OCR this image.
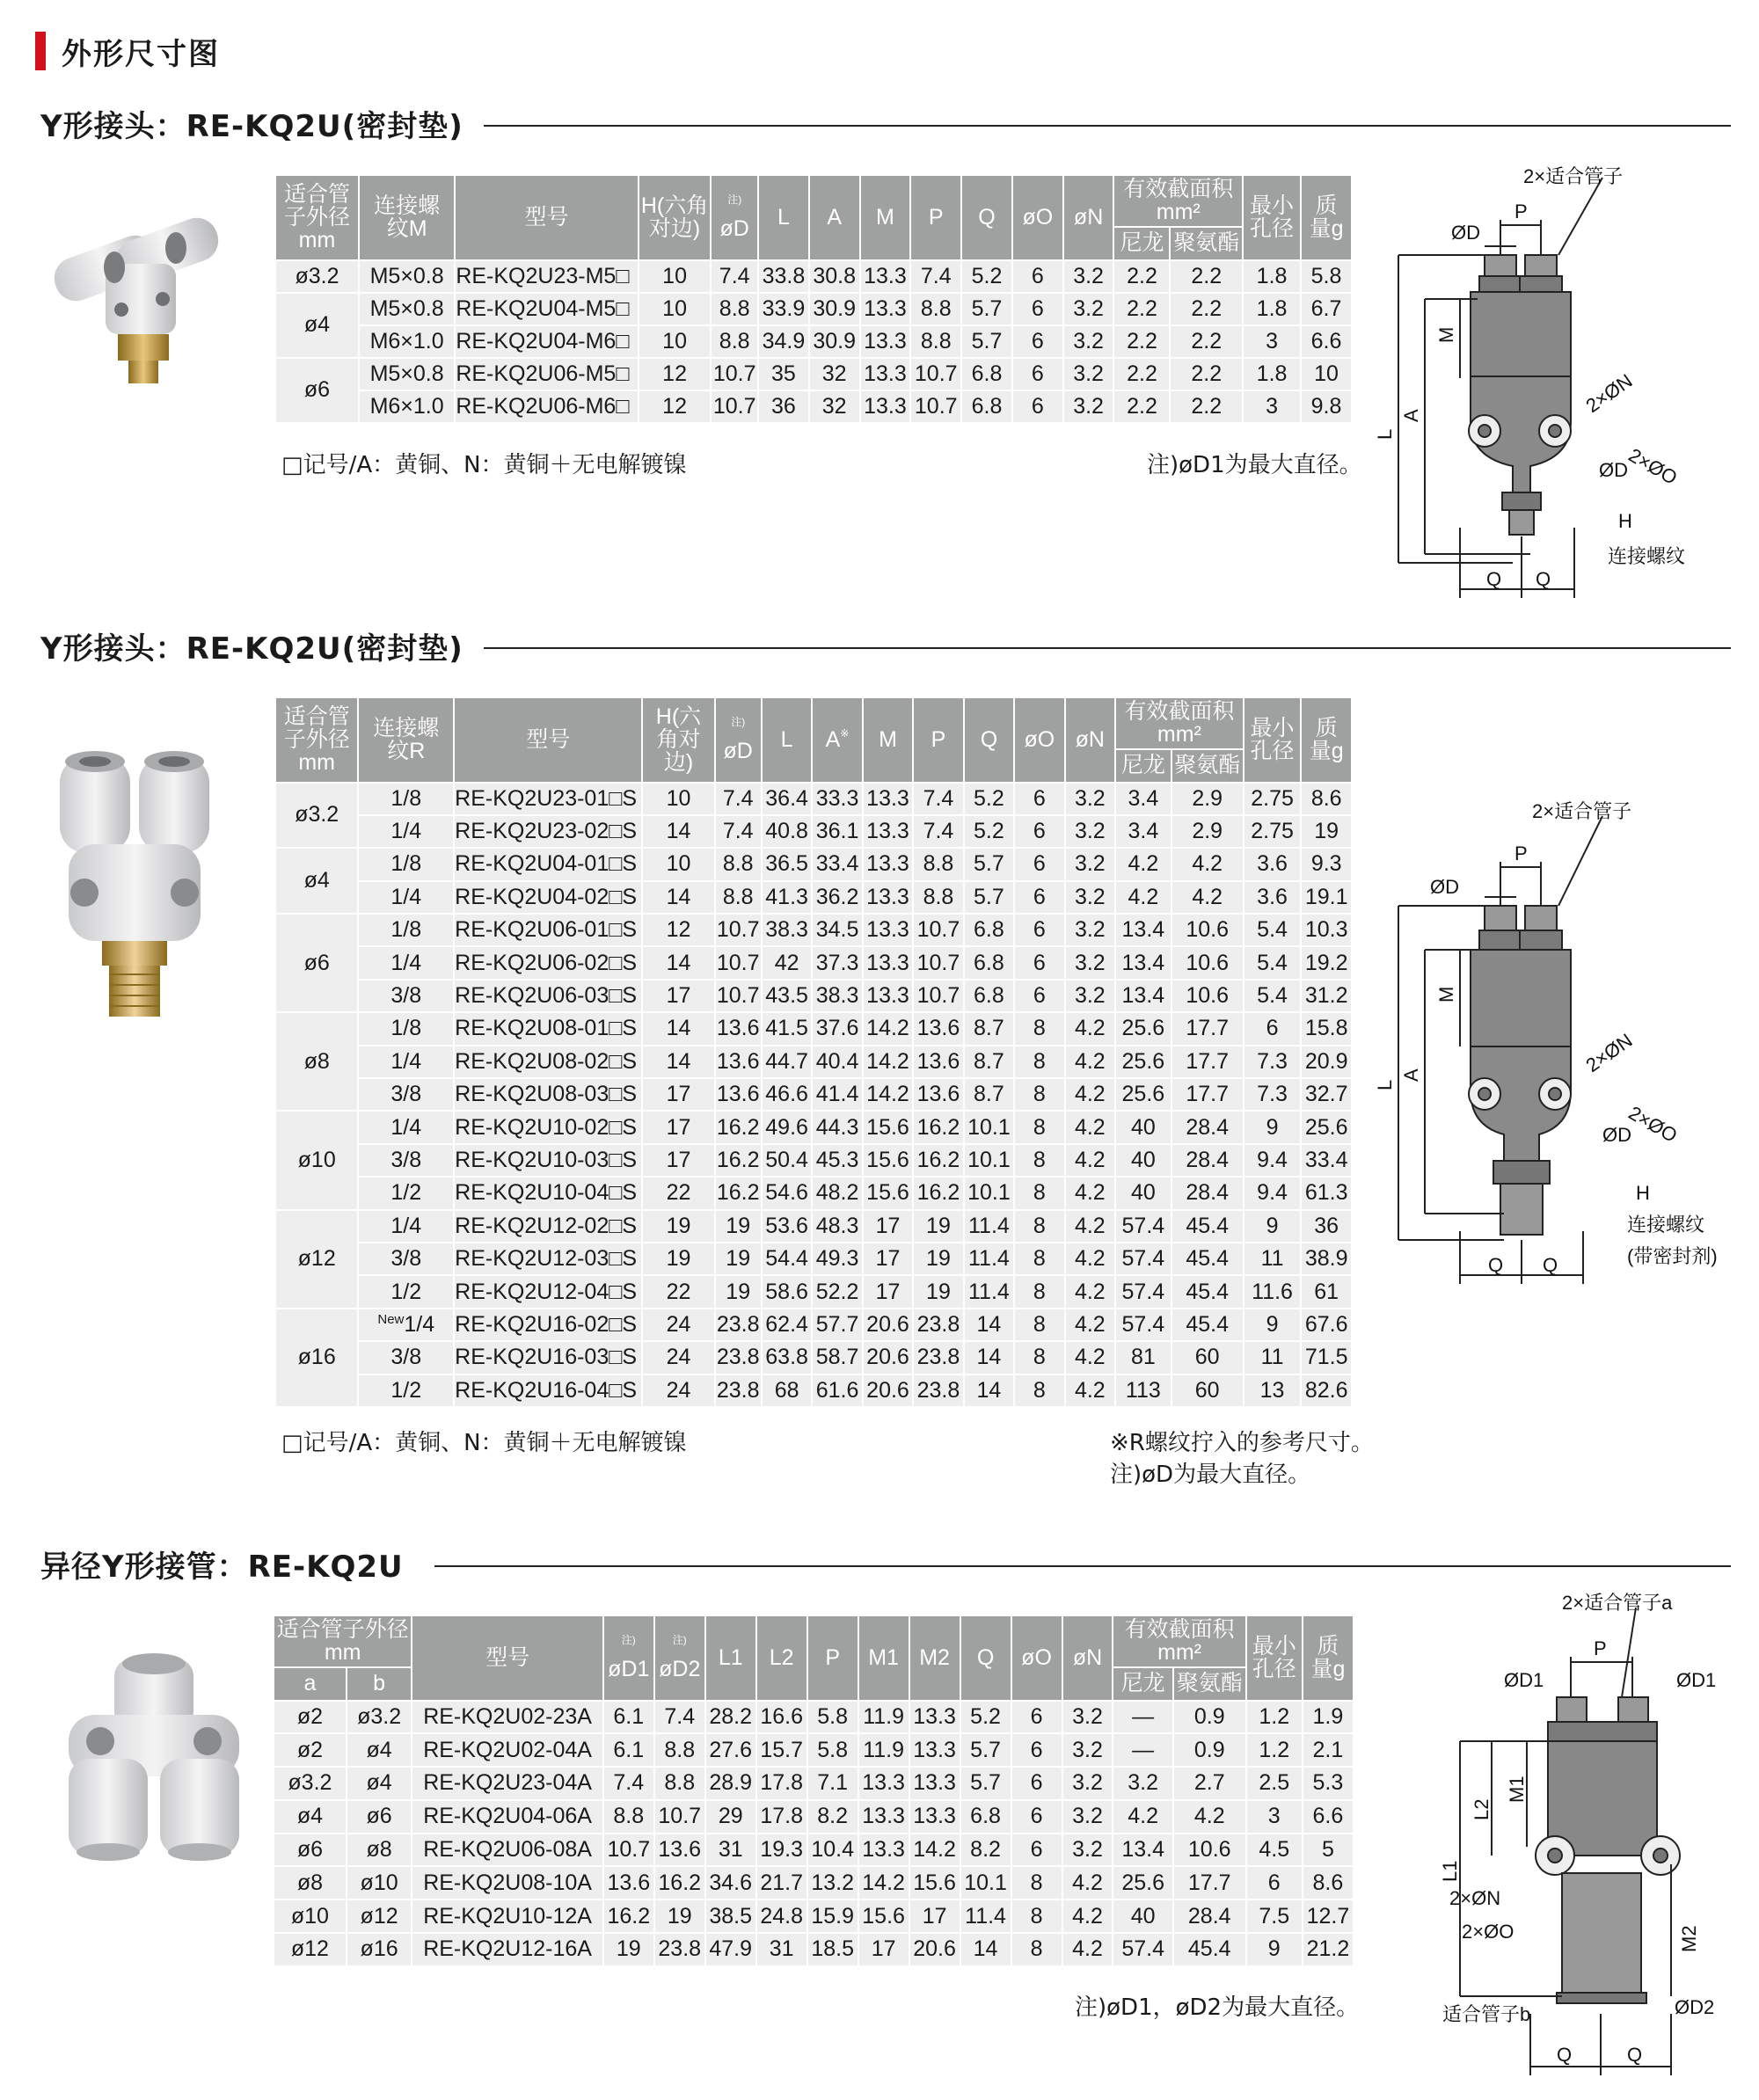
外形尺寸图
Y形接头：RE-KQ2U(密封垫)
适合管子外径mm	连接螺纹M	型号	H(六角对边)	$^{注)}$
øD	L	A	M	P	Q	øO	øN	有效截面积mm²		最小孔径	质量g
												尼龙	聚氨酯		
ø3.2	M5×0.8	RE-KQ2U23-M5□	10	7.4	33.8	30.8	13.3	7.4	5.2	6	3.2	2.2	2.2	1.8	5.8
ø4	M5×0.8	RE-KQ2U04-M5□	10	8.8	33.9	30.9	13.3	8.8	5.7	6	3.2	2.2	2.2	1.8	6.7
	M6×1.0	RE-KQ2U04-M6□	10	8.8	34.9	30.9	13.3	8.8	5.7	6	3.2	2.2	2.2	3	6.6
ø6	M5×0.8	RE-KQ2U06-M5□	12	10.7	35	32	13.3	10.7	6.8	6	3.2	2.2	2.2	1.8	10
	M6×1.0	RE-KQ2U06-M6□	12	10.7	36	32	13.3	10.7	6.8	6	3.2	2.2	2.2	3	9.8
□记号/A：黄铜、N：黄铜＋无电解镀镍	注)øD1为最大直径。
2×适合管子
P
ØD
M
A
L
2×ØN
2×ØO
ØD
H
连接螺纹
Q Q
Y形接头：RE-KQ2U(密封垫)
适合管子外径mm	连接螺纹R	型号	H(六角对边)	$^{注)}$
øD	L	A※	M	P	Q	øO	øN	有效截面积mm²		最小孔径	质量g
												尼龙	聚氨酯		
ø3.2	1/8	RE-KQ2U23-01□S	10	7.4	36.4	33.3	13.3	7.4	5.2	6	3.2	3.4	2.9	2.75	8.6
	1/4	RE-KQ2U23-02□S	14	7.4	40.8	36.1	13.3	7.4	5.2	6	3.2	3.4	2.9	2.75	19
ø4	1/8	RE-KQ2U04-01□S	10	8.8	36.5	33.4	13.3	8.8	5.7	6	3.2	4.2	4.2	3.6	9.3
	1/4	RE-KQ2U04-02□S	14	8.8	41.3	36.2	13.3	8.8	5.7	6	3.2	4.2	4.2	3.6	19.1
ø6	1/8	RE-KQ2U06-01□S	12	10.7	38.3	34.5	13.3	10.7	6.8	6	3.2	13.4	10.6	5.4	10.3
	1/4	RE-KQ2U06-02□S	14	10.7	42	37.3	13.3	10.7	6.8	6	3.2	13.4	10.6	5.4	19.2
	3/8	RE-KQ2U06-03□S	17	10.7	43.5	38.3	13.3	10.7	6.8	6	3.2	13.4	10.6	5.4	31.2
ø8	1/8	RE-KQ2U08-01□S	14	13.6	41.5	37.6	14.2	13.6	8.7	8	4.2	25.6	17.7	6	15.8
	1/4	RE-KQ2U08-02□S	14	13.6	44.7	40.4	14.2	13.6	8.7	8	4.2	25.6	17.7	7.3	20.9
	3/8	RE-KQ2U08-03□S	17	13.6	46.6	41.4	14.2	13.6	8.7	8	4.2	25.6	17.7	7.3	32.7
ø10	1/4	RE-KQ2U10-02□S	17	16.2	49.6	44.3	15.6	16.2	10.1	8	4.2	40	28.4	9	25.6
	3/8	RE-KQ2U10-03□S	17	16.2	50.4	45.3	15.6	16.2	10.1	8	4.2	40	28.4	9.4	33.4
	1/2	RE-KQ2U10-04□S	22	16.2	54.6	48.2	15.6	16.2	10.1	8	4.2	40	28.4	9.4	61.3
ø12	1/4	RE-KQ2U12-02□S	19	19	53.6	48.3	17	19	11.4	8	4.2	57.4	45.4	9	36
	3/8	RE-KQ2U12-03□S	19	19	54.4	49.3	17	19	11.4	8	4.2	57.4	45.4	11	38.9
	1/2	RE-KQ2U12-04□S	22	19	58.6	52.2	17	19	11.4	8	4.2	57.4	45.4	11.6	61
ø16	$^{New}$1/4	RE-KQ2U16-02□S	24	23.8	62.4	57.7	20.6	23.8	14	8	4.2	57.4	45.4	9	67.6
	3/8	RE-KQ2U16-03□S	24	23.8	63.8	58.7	20.6	23.8	14	8	4.2	81	60	11	71.5
	1/2	RE-KQ2U16-04□S	24	23.8	68	61.6	20.6	23.8	14	8	4.2	113	60	13	82.6
□记号/A：黄铜、N：黄铜＋无电解镀镍	※R螺纹拧入的参考尺寸。
注)øD为最大直径。
2×适合管子
P
ØD
M
A
L
2×ØN
2×ØO
ØD
H
连接螺纹
(带密封剂)
Q Q
异径Y形接管：RE-KQ2U
适合管子外径mm		型号	$^{注)}$
øD1	$^{注)}$
øD2	L1	L2	P	M1	M2	Q	øO	øN	有效截面积mm²		最小孔径	质量g
a	b												尼龙	聚氨酯		
ø2	ø3.2	RE-KQ2U02-23A	6.1	7.4	28.2	16.6	5.8	11.9	13.3	5.2	6	3.2	—	0.9	1.2	1.9
ø2	ø4	RE-KQ2U02-04A	6.1	8.8	27.6	15.7	5.8	11.9	13.3	5.7	6	3.2	—	0.9	1.2	2.1
ø3.2	ø4	RE-KQ2U23-04A	7.4	8.8	28.9	17.8	7.1	13.3	13.3	5.7	6	3.2	3.2	2.7	2.5	5.3
ø4	ø6	RE-KQ2U04-06A	8.8	10.7	29	17.8	8.2	13.3	13.3	6.8	6	3.2	4.2	4.2	3	6.6
ø6	ø8	RE-KQ2U06-08A	10.7	13.6	31	19.3	10.4	13.3	14.2	8.2	6	3.2	13.4	10.6	4.5	5
ø8	ø10	RE-KQ2U08-10A	13.6	16.2	34.6	21.7	13.2	14.2	15.6	10.1	8	4.2	25.6	17.7	6	8.6
ø10	ø12	RE-KQ2U10-12A	16.2	19	38.5	24.8	15.9	15.6	17	11.4	8	4.2	40	28.4	7.5	12.7
ø12	ø16	RE-KQ2U12-16A	19	23.8	47.9	31	18.5	17	20.6	14	8	4.2	57.4	45.4	9	21.2
注)øD1，øD2为最大直径。
2×适合管子a
P
ØD1	ØD1
L1
L2
M1
M2
2×ØN
2×ØO
适合管子b	ØD2
Q	Q
